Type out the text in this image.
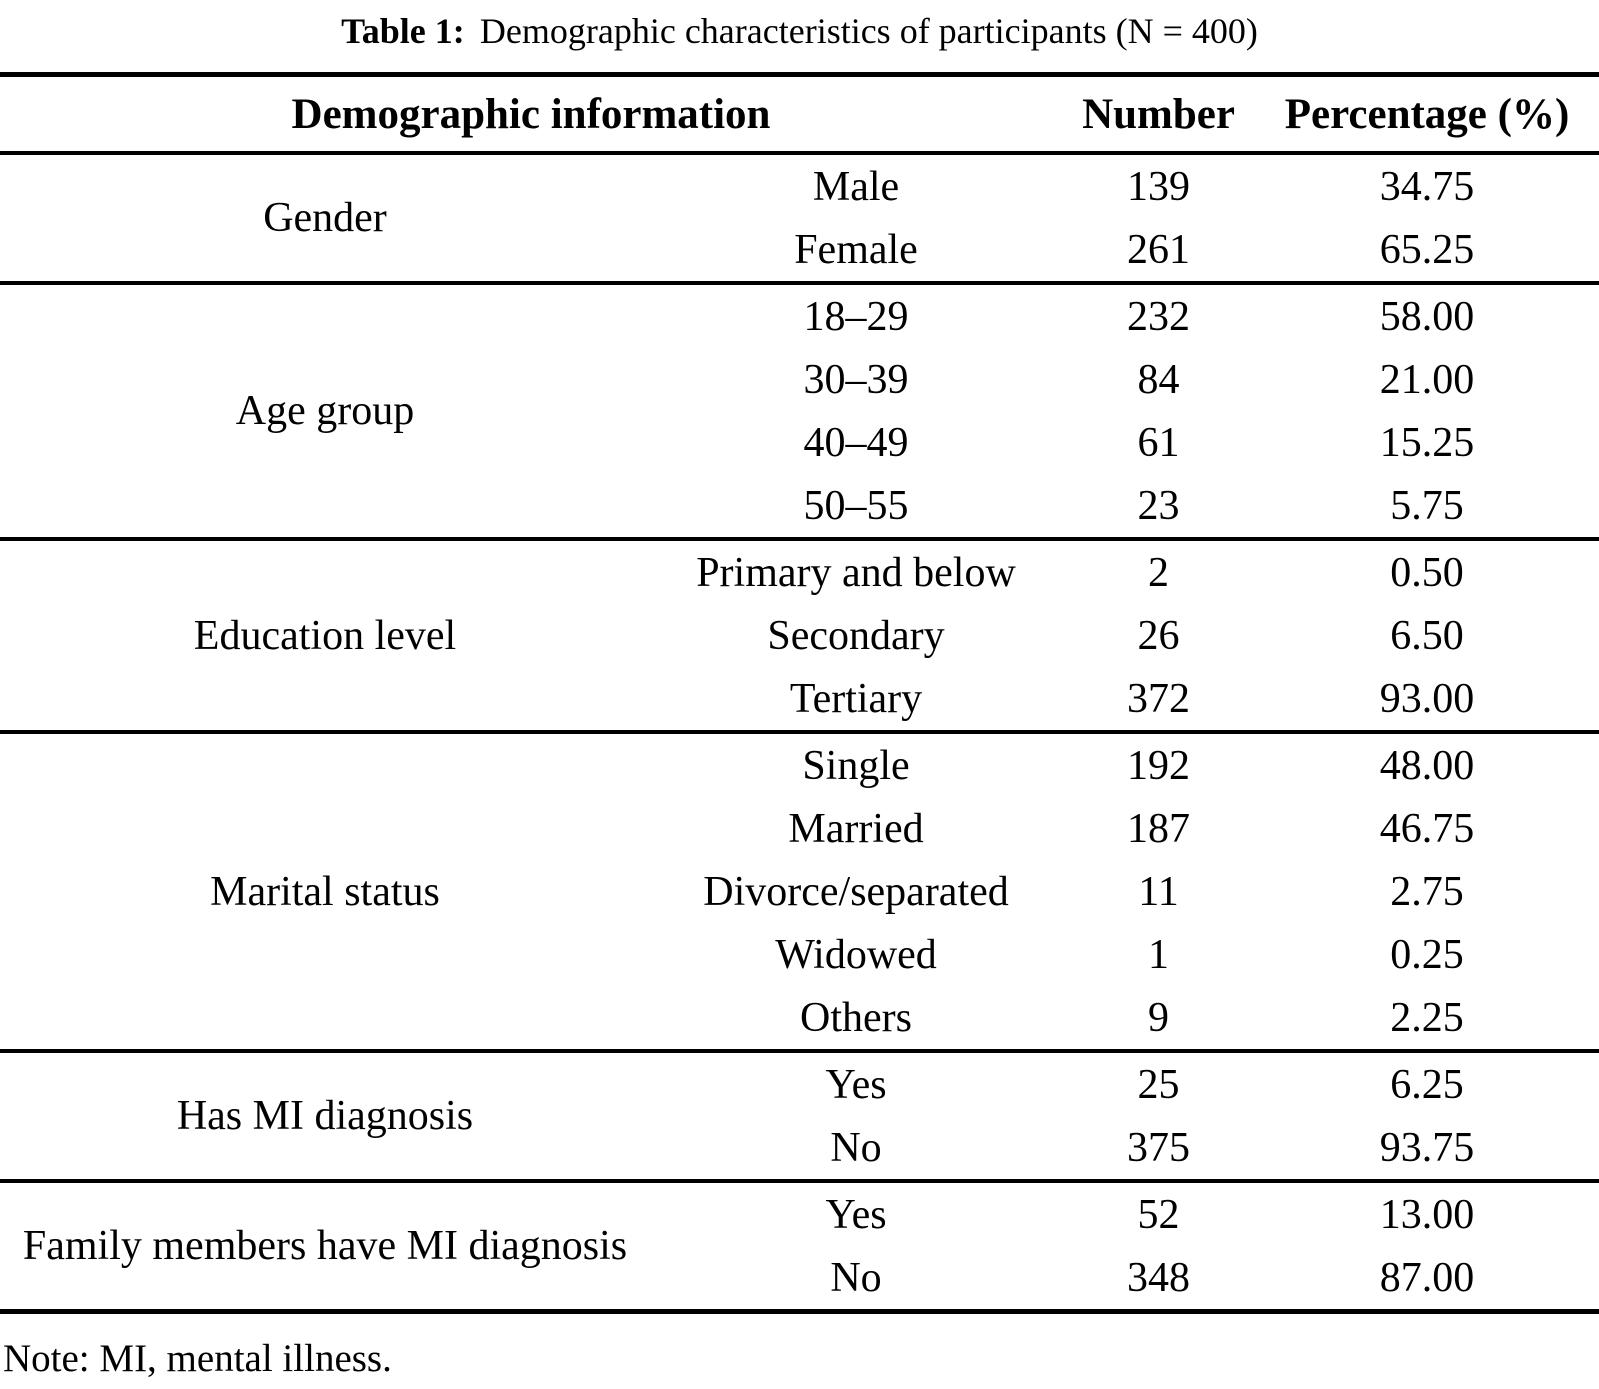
Table 1: Demographic characteristics of participants (N = 400)
Demographic information		Number	Percentage (%)
Gender	Male	139	34.75
	Female	261	65.25
Age group	18–29	232	58.00
	30–39	84	21.00
	40–49	61	15.25
	50–55	23	5.75
Education level	Primary and below	2	0.50
	Secondary	26	6.50
	Tertiary	372	93.00
Marital status	Single	192	48.00
	Married	187	46.75
	Divorce/separated	11	2.75
	Widowed	1	0.25
	Others	9	2.25
Has MI diagnosis	Yes	25	6.25
	No	375	93.75
Family members have MI diagnosis	Yes	52	13.00
	No	348	87.00
Note: MI, mental illness.
